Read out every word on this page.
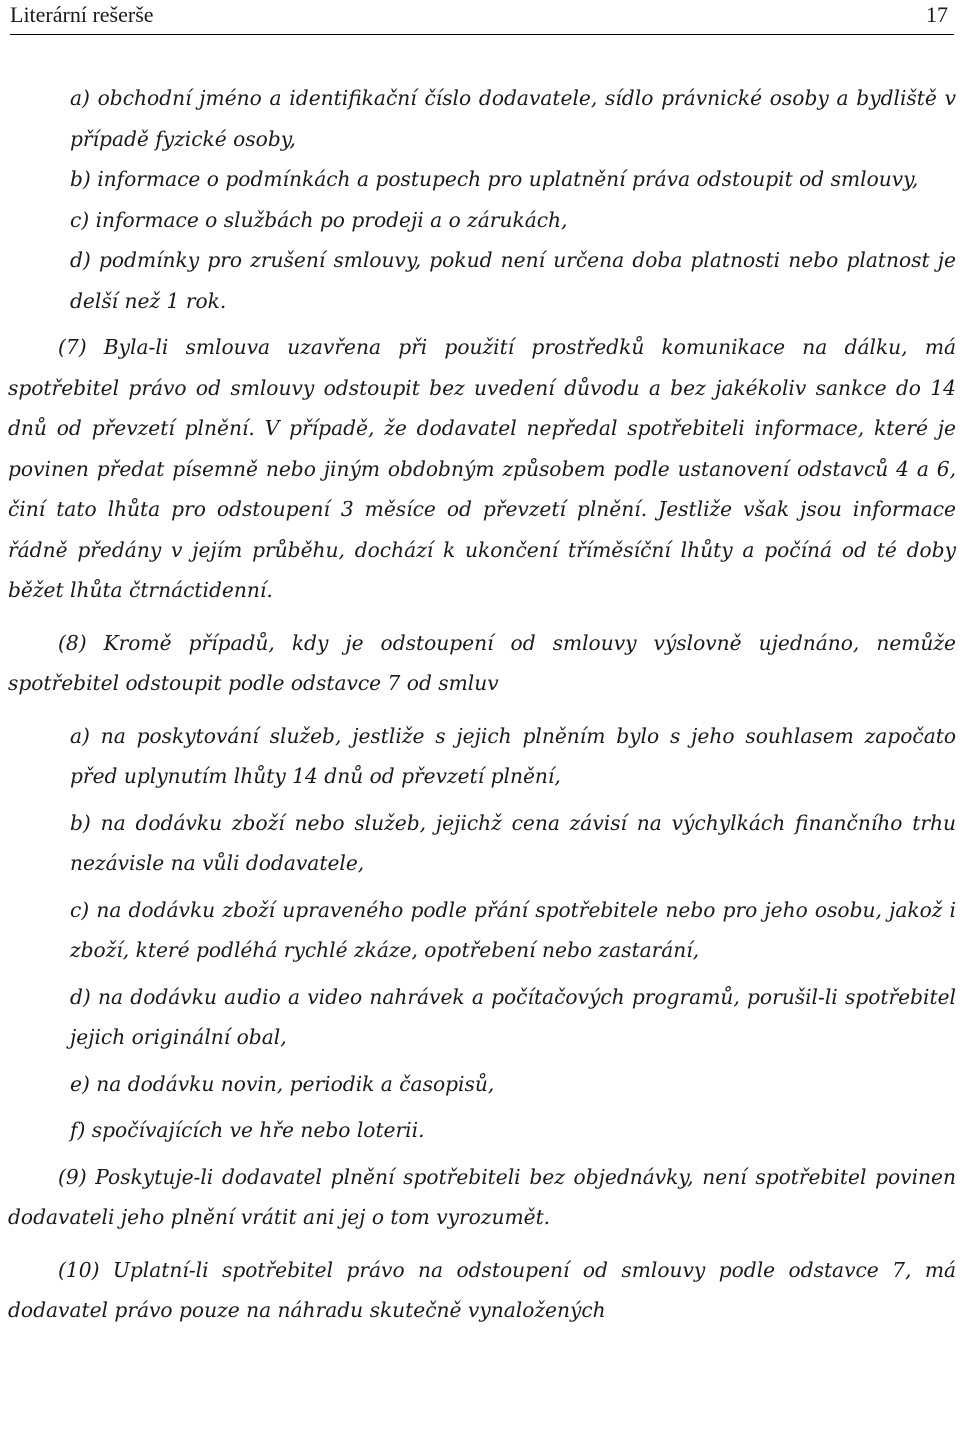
Literární rešerše	17

a) obchodní jméno a identifikační číslo dodavatele, sídlo právnické osoby a bydliště v případě fyzické osoby,

b) informace o podmínkách a postupech pro uplatnění práva odstoupit od smlouvy,

c) informace o službách po prodeji a o zárukách,

d) podmínky pro zrušení smlouvy, pokud není určena doba platnosti nebo platnost je delší než 1 rok.

(7) Byla-li smlouva uzavřena při použití prostředků komunikace na dálku, má spotřebitel právo od smlouvy odstoupit bez uvedení důvodu a bez jakékoliv sankce do 14 dnů od převzetí plnění. V případě, že dodavatel nepředal spotřebiteli informace, které je povinen předat písemně nebo jiným obdobným způsobem podle ustanovení odstavců 4 a 6, činí tato lhůta pro odstoupení 3 měsíce od převzetí plnění. Jestliže však jsou informace řádně předány v jejím průběhu, dochází k ukončení tříměsíční lhůty a počíná od té doby běžet lhůta čtrnáctidenní.

(8) Kromě případů, kdy je odstoupení od smlouvy výslovně ujednáno, nemůže spotřebitel odstoupit podle odstavce 7 od smluv

a) na poskytování služeb, jestliže s jejich plněním bylo s jeho souhlasem započato před uplynutím lhůty 14 dnů od převzetí plnění,

b) na dodávku zboží nebo služeb, jejichž cena závisí na výchylkách finančního trhu nezávisle na vůli dodavatele,

c) na dodávku zboží upraveného podle přání spotřebitele nebo pro jeho osobu, jakož i zboží, které podléhá rychlé zkáze, opotřebení nebo zastarání,

d) na dodávku audio a video nahrávek a počítačových programů, porušil-li spotřebitel jejich originální obal,

e) na dodávku novin, periodik a časopisů,

f) spočívajících ve hře nebo loterii.

(9) Poskytuje-li dodavatel plnění spotřebiteli bez objednávky, není spotřebitel povinen dodavateli jeho plnění vrátit ani jej o tom vyrozumět.

(10) Uplatní-li spotřebitel právo na odstoupení od smlouvy podle odstavce 7, má dodavatel právo pouze na náhradu skutečně vynaložených
